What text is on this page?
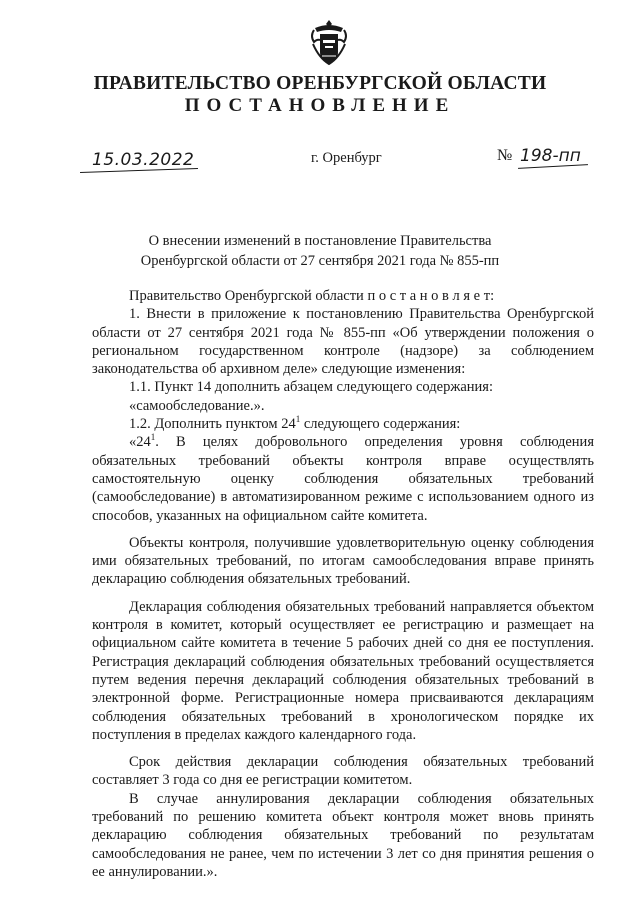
ПРАВИТЕЛЬСТВО ОРЕНБУРГСКОЙ ОБЛАСТИ
ПОСТАНОВЛЕНИЕ
15.03.2022	г. Оренбург	№ 198-пп
О внесении изменений в постановление Правительства
Оренбургской области от 27 сентября 2021 года № 855-пп

Правительство Оренбургской области п о с т а н о в л я е т:

1. Внести в приложение к постановлению Правительства Оренбургской области от 27 сентября 2021 года № 855-пп «Об утверждении положения о региональном государственном контроле (надзоре) за соблюдением законодательства об архивном деле» следующие изменения:

1.1. Пункт 14 дополнить абзацем следующего содержания:

«самообследование.».

1.2. Дополнить пунктом $24^1$ следующего содержания:

«$24^1$. В целях добровольного определения уровня соблюдения обязательных требований объекты контроля вправе осуществлять самостоятельную оценку соблюдения обязательных требований (самообследование) в автоматизированном режиме с использованием одного из способов, указанных на официальном сайте комитета.

Объекты контроля, получившие удовлетворительную оценку соблюдения ими обязательных требований, по итогам самообследования вправе принять декларацию соблюдения обязательных требований.

Декларация соблюдения обязательных требований направляется объектом контроля в комитет, который осуществляет ее регистрацию и размещает на официальном сайте комитета в течение 5 рабочих дней со дня ее поступления. Регистрация деклараций соблюдения обязательных требований осуществляется путем ведения перечня деклараций соблюдения обязательных требований в электронной форме. Регистрационные номера присваиваются декларациям соблюдения обязательных требований в хронологическом порядке их поступления в пределах каждого календарного года.

Срок действия декларации соблюдения обязательных требований составляет 3 года со дня ее регистрации комитетом.

В случае аннулирования декларации соблюдения обязательных требований по решению комитета объект контроля может вновь принять декларацию соблюдения обязательных требований по результатам самообследования не ранее, чем по истечении 3 лет со дня принятия решения о ее аннулировании.».
